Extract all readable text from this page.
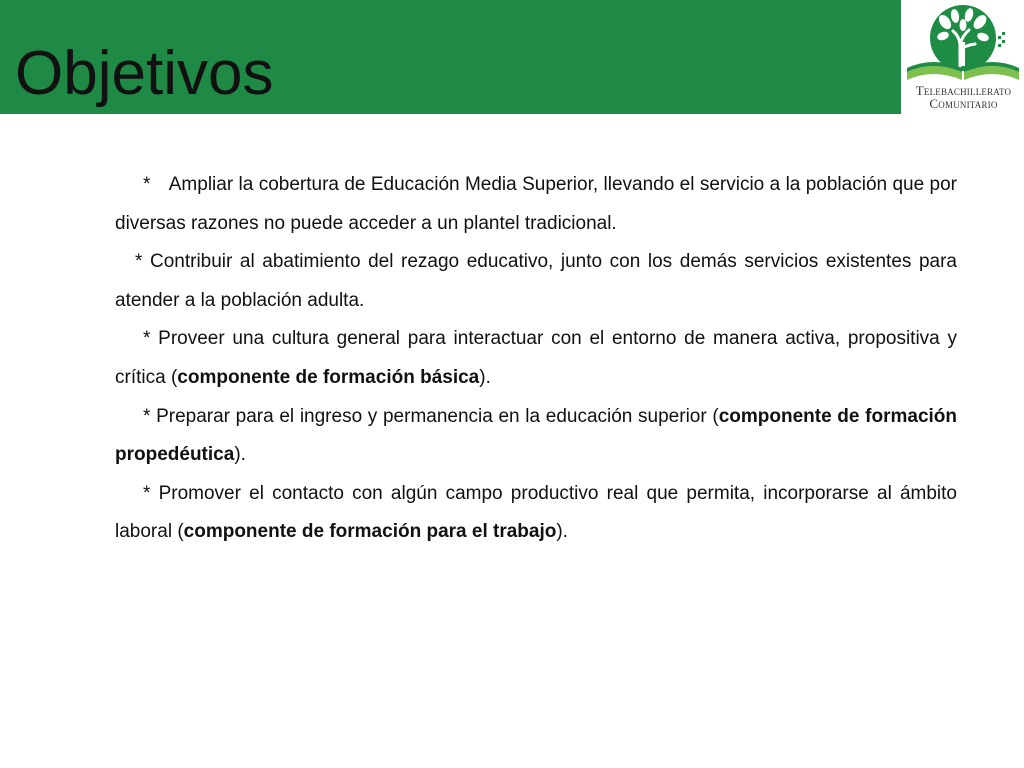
Objetivos	Telebachillerato
Comunitario

* Ampliar la cobertura de Educación Media Superior, llevando el servicio a la población que por diversas razones no puede acceder a un plantel tradicional.

* Contribuir al abatimiento del rezago educativo, junto con los demás servicios existentes para atender a la población adulta.

* Proveer una cultura general para interactuar con el entorno de manera activa, propositiva y crítica (componente de formación básica).

* Preparar para el ingreso y permanencia en la educación superior (componente de formación propedéutica).

* Promover el contacto con algún campo productivo real que permita, incorporarse al ámbito laboral (componente de formación para el trabajo).
